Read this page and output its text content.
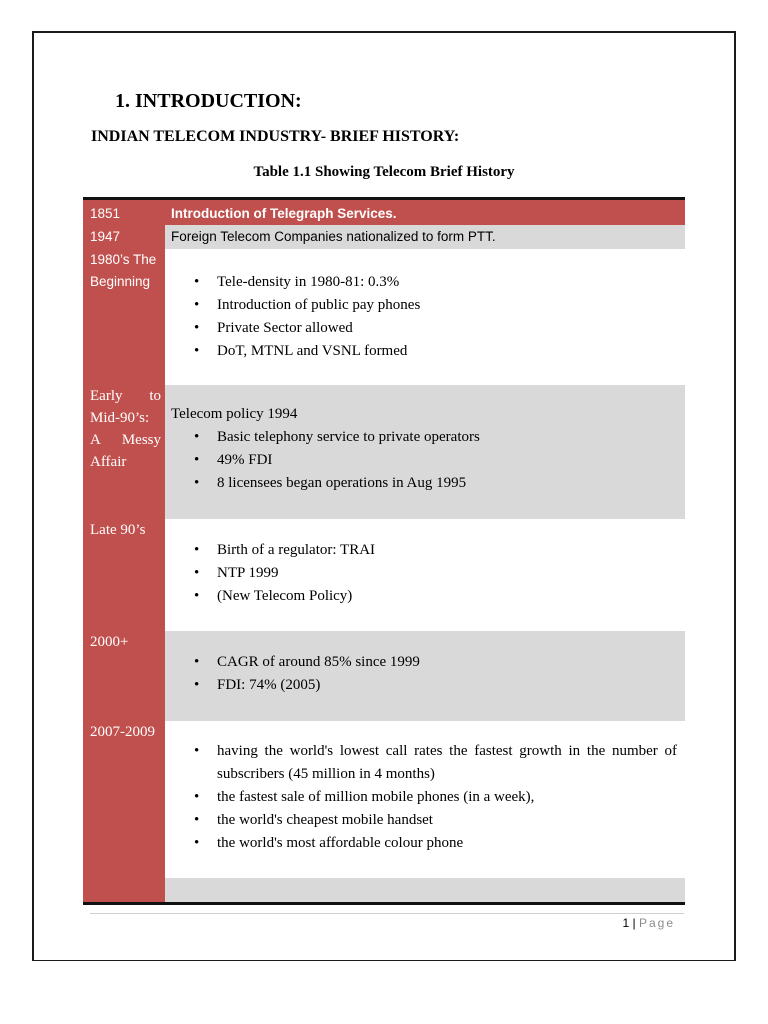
1. INTRODUCTION:
INDIAN TELECOM INDUSTRY- BRIEF HISTORY:

Table 1.1 Showing Telecom Brief History

1851	Introduction of Telegraph Services.
1947	Foreign Telecom Companies nationalized to form PTT.
1980’s The
Beginning
•	Tele-density in 1980-81: 0.3%
• Introduction of public pay phones
• Private Sector allowed
• DoT, MTNL and VSNL formed
Early to
Mid-90’s:
A Messy
Affair
Telecom policy 1994
• Basic telephony service to private operators
• 49% FDI
• 8 licensees began operations in Aug 1995
Late 90’s
• Birth of a regulator: TRAI
• NTP 1999
• (New Telecom Policy)
2000+
• CAGR of around 85% since 1999
• FDI: 74% (2005)
2007-2009
• having the world's lowest call rates the fastest growth in the number of subscribers (45 million in 4 months)
• the fastest sale of million mobile phones (in a week),
• the world's cheapest mobile handset
• the world's most affordable colour phone
1 | Page
